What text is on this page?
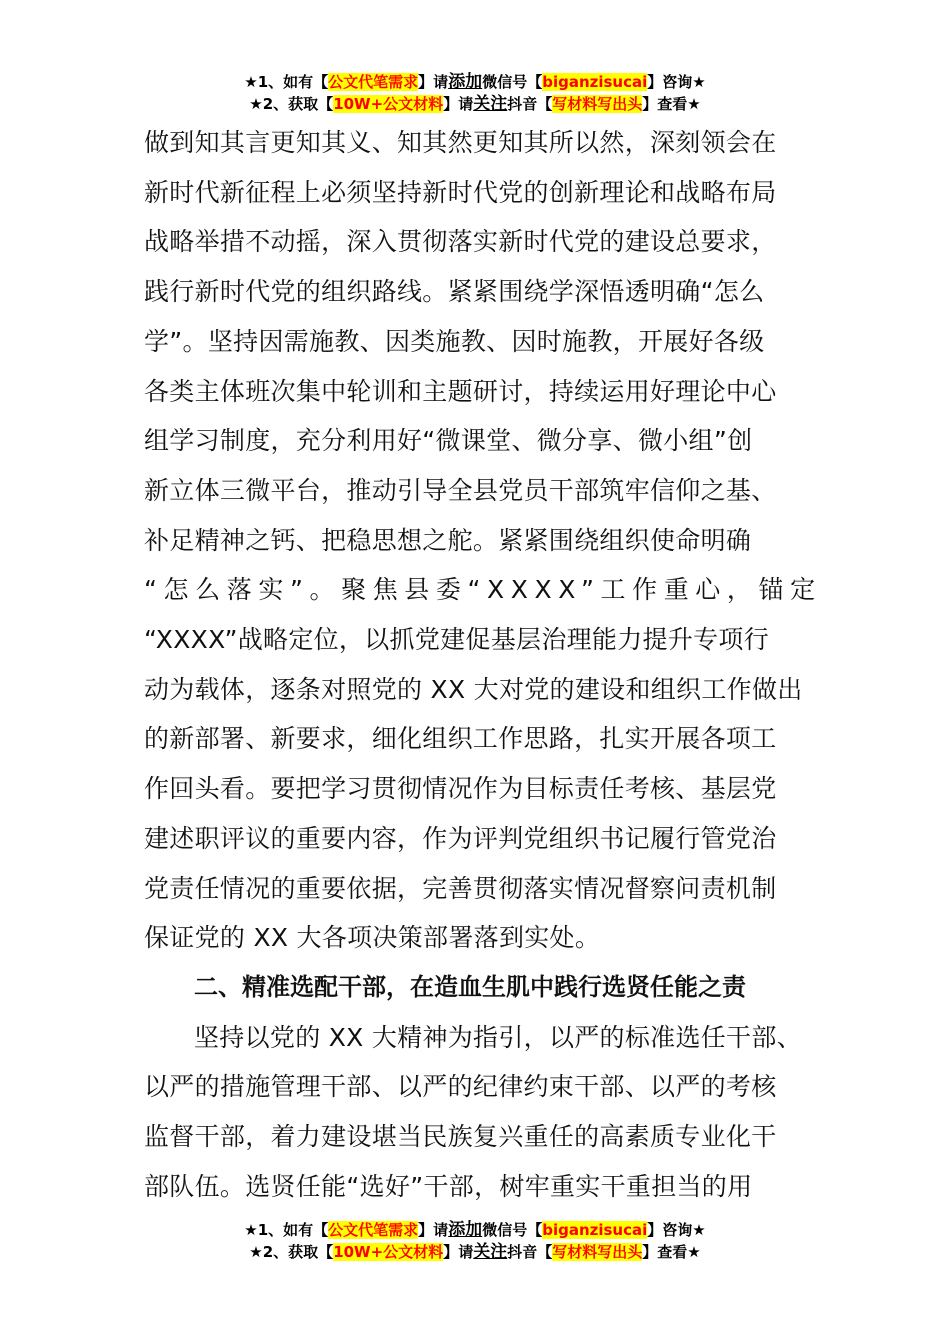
★1、如有【公文代笔需求】请添加微信号【biganzisucai】咨询★
★2、获取【10W+公文材料】请关注抖音【写材料写出头】查看★
做到知其言更知其义、知其然更知其所以然，深刻领会在
新时代新征程上必须坚持新时代党的创新理论和战略布局
战略举措不动摇，深入贯彻落实新时代党的建设总要求，
践行新时代党的组织路线。紧紧围绕学深悟透明确“怎么
学”。坚持因需施教、因类施教、因时施教，开展好各级
各类主体班次集中轮训和主题研讨，持续运用好理论中心
组学习制度，充分利用好“微课堂、微分享、微小组”创
新立体三微平台，推动引导全县党员干部筑牢信仰之基、
补足精神之钙、把稳思想之舵。紧紧围绕组织使命明确
“怎么落实”。聚焦县委“XXXX”工作重心，锚定
“XXXX”战略定位，以抓党建促基层治理能力提升专项行
动为载体，逐条对照党的 XX 大对党的建设和组织工作做出
的新部署、新要求，细化组织工作思路，扎实开展各项工
作回头看。要把学习贯彻情况作为目标责任考核、基层党
建述职评议的重要内容，作为评判党组织书记履行管党治
党责任情况的重要依据，完善贯彻落实情况督察问责机制
保证党的 XX 大各项决策部署落到实处。
二、精准选配干部，在造血生肌中践行选贤任能之责
坚持以党的 XX 大精神为指引，以严的标准选任干部、
以严的措施管理干部、以严的纪律约束干部、以严的考核
监督干部，着力建设堪当民族复兴重任的高素质专业化干
部队伍。选贤任能“选好”干部，树牢重实干重担当的用
★1、如有【公文代笔需求】请添加微信号【biganzisucai】咨询★
★2、获取【10W+公文材料】请关注抖音【写材料写出头】查看★
